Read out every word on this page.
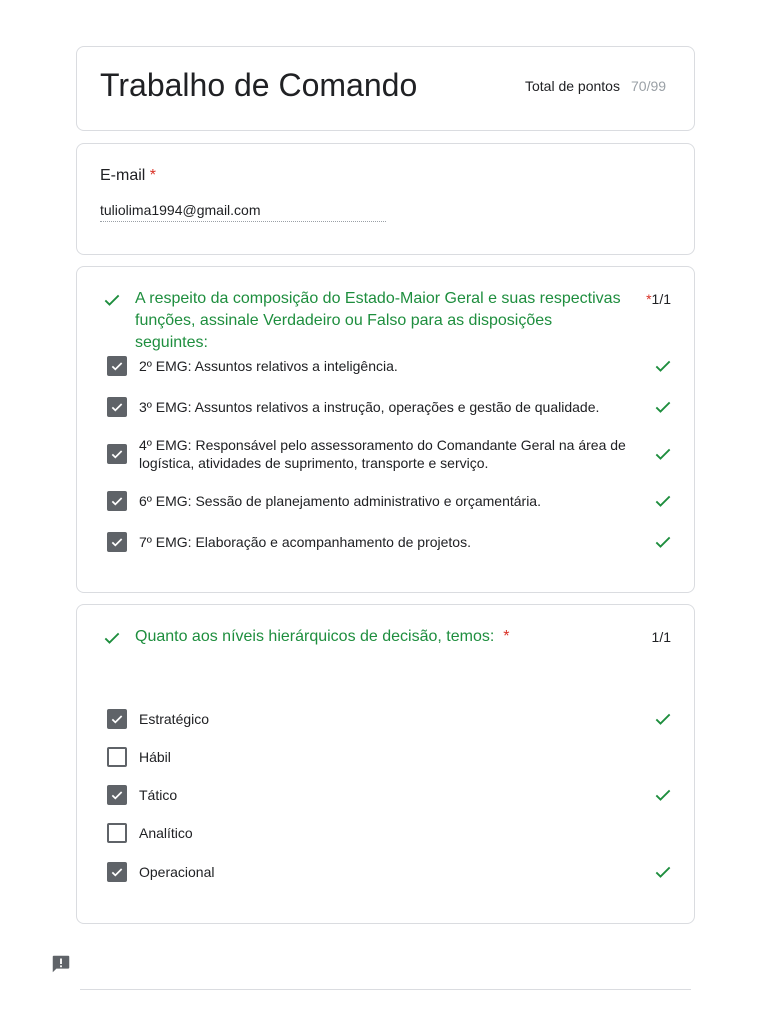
Trabalho de Comando	Total de pontos 70/99
E-mail *
tuliolima1994@gmail.com
A respeito da composição do Estado-Maior Geral e suas respectivas funções, assinale Verdadeiro ou Falso para as disposições seguintes:
*1/1
2º EMG: Assuntos relativos a inteligência.
3º EMG: Assuntos relativos a instrução, operações e gestão de qualidade.
4º EMG: Responsável pelo assessoramento do Comandante Geral na área de logística, atividades de suprimento, transporte e serviço.
6º EMG: Sessão de planejamento administrativo e orçamentária.
7º EMG: Elaboração e acompanhamento de projetos.
Quanto aos níveis hierárquicos de decisão, temos: *	1/1
Estratégico
Hábil
Tático
Analítico
Operacional
